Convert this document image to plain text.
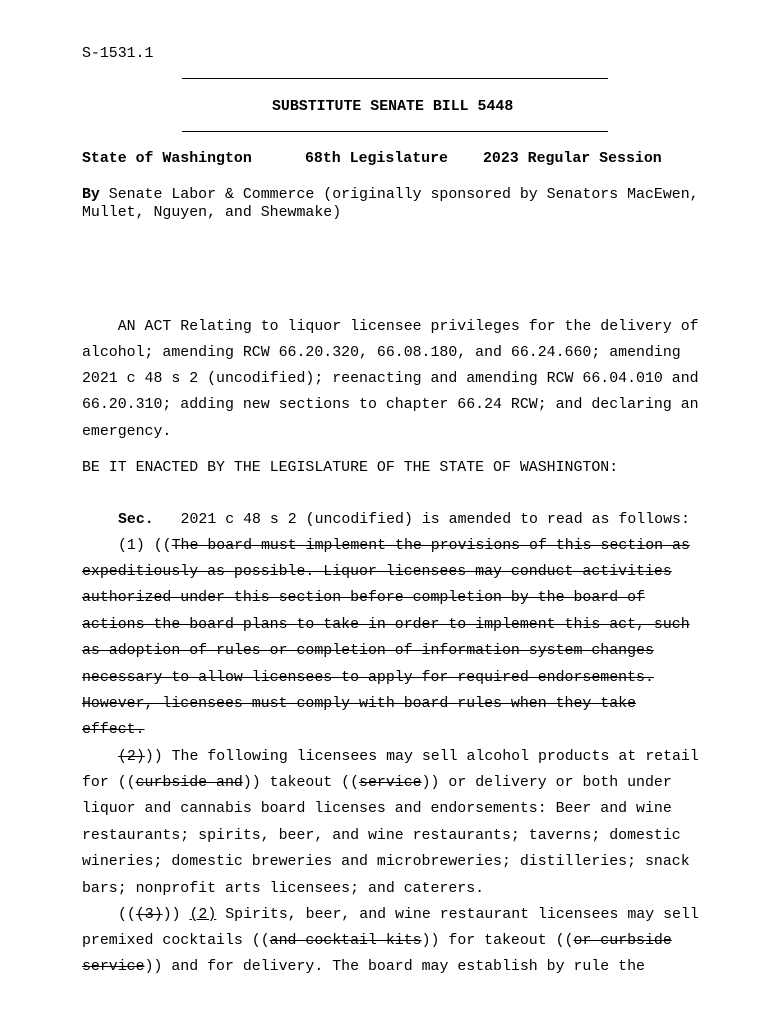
S-1531.1
SUBSTITUTE SENATE BILL 5448
State of Washington	68th Legislature 2023 Regular Session
By Senate Labor & Commerce (originally sponsored by Senators MacEwen,
Mullet, Nguyen, and Shewmake)
AN ACT Relating to liquor licensee privileges for the delivery of
alcohol; amending RCW 66.20.320, 66.08.180, and 66.24.660; amending
2021 c 48 s 2 (uncodified); reenacting and amending RCW 66.04.010 and
66.20.310; adding new sections to chapter 66.24 RCW; and declaring an
emergency.
BE IT ENACTED BY THE LEGISLATURE OF THE STATE OF WASHINGTON:
Sec.   2021 c 48 s 2 (uncodified) is amended to read as follows:
(1) ((The board must implement the provisions of this section as
expeditiously as possible. Liquor licensees may conduct activities
authorized under this section before completion by the board of
actions the board plans to take in order to implement this act, such
as adoption of rules or completion of information system changes
necessary to allow licensees to apply for required endorsements.
However, licensees must comply with board rules when they take
effect.
(2))) The following licensees may sell alcohol products at retail
for ((curbside and)) takeout ((service)) or delivery or both under
liquor and cannabis board licenses and endorsements: Beer and wine
restaurants; spirits, beer, and wine restaurants; taverns; domestic
wineries; domestic breweries and microbreweries; distilleries; snack
bars; nonprofit arts licensees; and caterers.
(((3))) (2) Spirits, beer, and wine restaurant licensees may sell
premixed cocktails ((and cocktail kits)) for takeout ((or curbside
service)) and for delivery. The board may establish by rule the
